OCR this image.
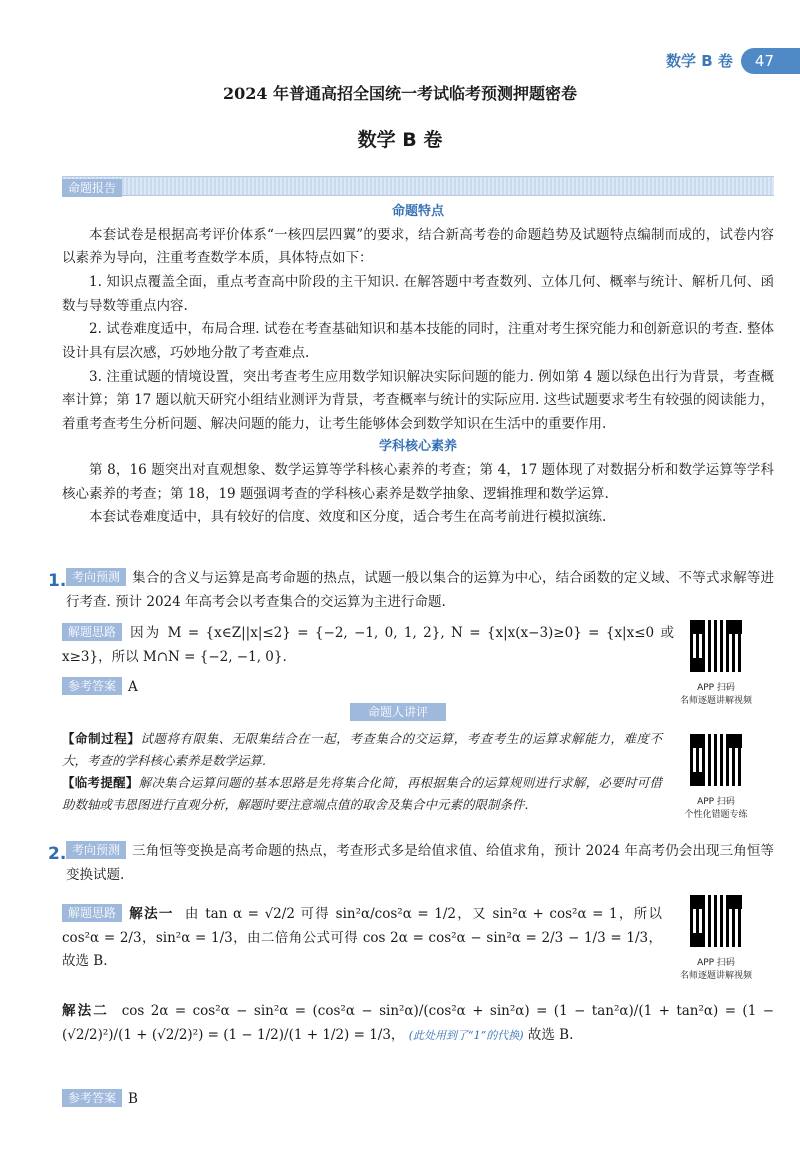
数学 B 卷	47
2024 年普通高招全国统一考试临考预测押题密卷
数学 B 卷
命题报告
命题特点

本套试卷是根据高考评价体系“一核四层四翼”的要求，结合新高考卷的命题趋势及试题特点编制而成的，试卷内容以素养为导向，注重考查数学本质，具体特点如下：

1. 知识点覆盖全面，重点考查高中阶段的主干知识. 在解答题中考查数列、立体几何、概率与统计、解析几何、函数与导数等重点内容.

2. 试卷难度适中，布局合理. 试卷在考查基础知识和基本技能的同时，注重对考生探究能力和创新意识的考查. 整体设计具有层次感，巧妙地分散了考查难点.

3. 注重试题的情境设置，突出考查考生应用数学知识解决实际问题的能力. 例如第 4 题以绿色出行为背景，考查概率计算；第 17 题以航天研究小组结业测评为背景，考查概率与统计的实际应用. 这些试题要求考生有较强的阅读能力，着重考查考生分析问题、解决问题的能力，让考生能够体会到数学知识在生活中的重要作用.

学科核心素养

第 8，16 题突出对直观想象、数学运算等学科核心素养的考查；第 4，17 题体现了对数据分析和数学运算等学科核心素养的考查；第 18，19 题强调考查的学科核心素养是数学抽象、逻辑推理和数学运算.

本套试卷难度适中，具有较好的信度、效度和区分度，适合考生在高考前进行模拟演练.

1. 考向预测 集合的含义与运算是高考命题的热点，试题一般以集合的运算为中心，结合函数的定义域、不等式求解等进行考查. 预计 2024 年高考会以考查集合的交运算为主进行命题.

解题思路 因为 M = {x∈Z||x|≤2} = {−2, −1, 0, 1, 2}, N = {x|x(x−3)≥0} = {x|x≤0 或 x≥3}，所以 M∩N = {−2, −1, 0}.

参考答案 A	APP 扫码
名师逐题讲解视频
命题人讲评

【命制过程】试题将有限集、无限集结合在一起，考查集合的交运算，考查考生的运算求解能力，难度不大，考查的学科核心素养是数学运算.

【临考提醒】解决集合运算问题的基本思路是先将集合化简，再根据集合的运算规则进行求解，必要时可借助数轴或韦恩图进行直观分析，解题时要注意端点值的取舍及集合中元素的限制条件.	APP 扫码
个性化错题专练
2. 考向预测 三角恒等变换是高考命题的热点，考查形式多是给值求值、给值求角，预计 2024 年高考仍会出现三角恒等变换试题.

解题思路 解法一 由 tan α = √2/2 可得 sin²α/cos²α = 1/2，又 sin²α + cos²α = 1，所以 cos²α = 2/3，sin²α = 1/3，由二倍角公式可得 cos 2α = cos²α − sin²α = 2/3 − 1/3 = 1/3，故选 B.	APP 扫码
名师逐题讲解视频

解法二 cos 2α = cos²α − sin²α = (cos²α − sin²α)/(cos²α + sin²α) = (1 − tan²α)/(1 + tan²α) = (1 − (√2/2)²)/(1 + (√2/2)²) = (1 − 1/2)/(1 + 1/2) = 1/3， (此处用到了“1”的代换) 故选 B.

参考答案 B
